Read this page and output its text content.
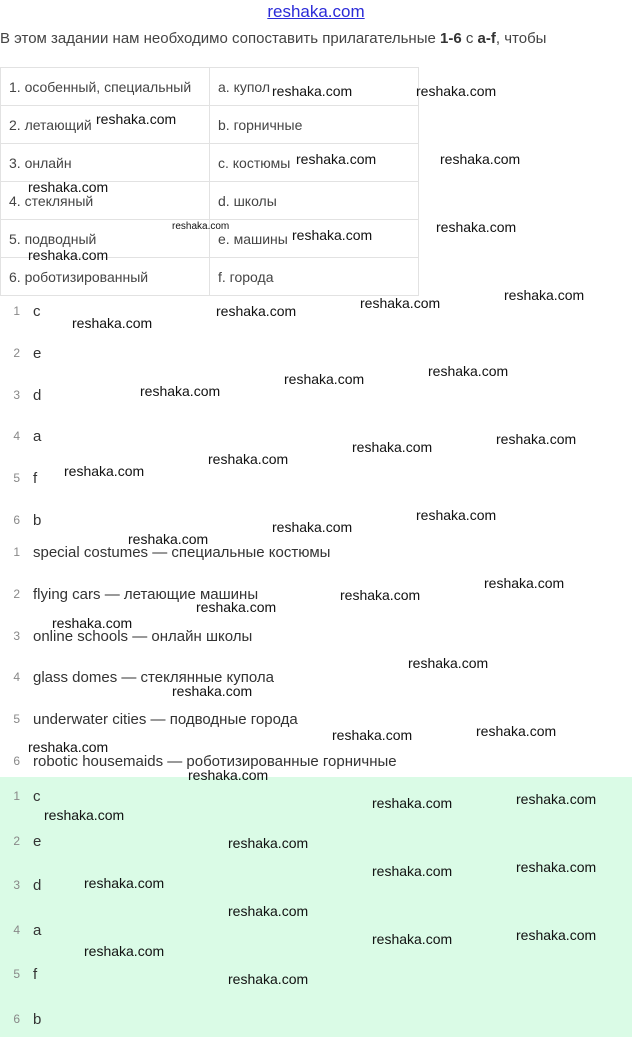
reshaka.com
В этом задании нам необходимо сопоставить прилагательные 1-6 с a-f, чтобы
1. особенный, специальный	a. купол
2. летающий	b. горничные
3. онлайн	c. костюмы
4. стекляный	d. школы
5. подводный	e. машины
6. роботизированный	f. города
1 c
2 e
3 d
4 a
5 f
6 b
1 special costumes — специальные костюмы
2 flying cars — летающие машины
3 online schools — онлайн школы
4 glass domes — стеклянные купола
5 underwater cities — подводные города
6 robotic housemaids — роботизированные горничные
1 c
2 e
3 d
4 a
5 f
6 b
reshaka.com	reshaka.com
reshaka.com
reshaka.com	reshaka.com
reshaka.com
reshaka.com
reshaka.com	reshaka.com
reshaka.com
reshaka.com	reshaka.com
reshaka.com
reshaka.com
reshaka.com	reshaka.com
reshaka.com
reshaka.com	reshaka.com
reshaka.com
reshaka.com
reshaka.com
reshaka.com
reshaka.com
reshaka.com
reshaka.com
reshaka.com
reshaka.com
reshaka.com
reshaka.com
reshaka.com
reshaka.com
reshaka.com
reshaka.com
reshaka.com
reshaka.com
reshaka.com
reshaka.com
reshaka.com
reshaka.com
reshaka.com
reshaka.com
reshaka.com
reshaka.com
reshaka.com
reshaka.com
